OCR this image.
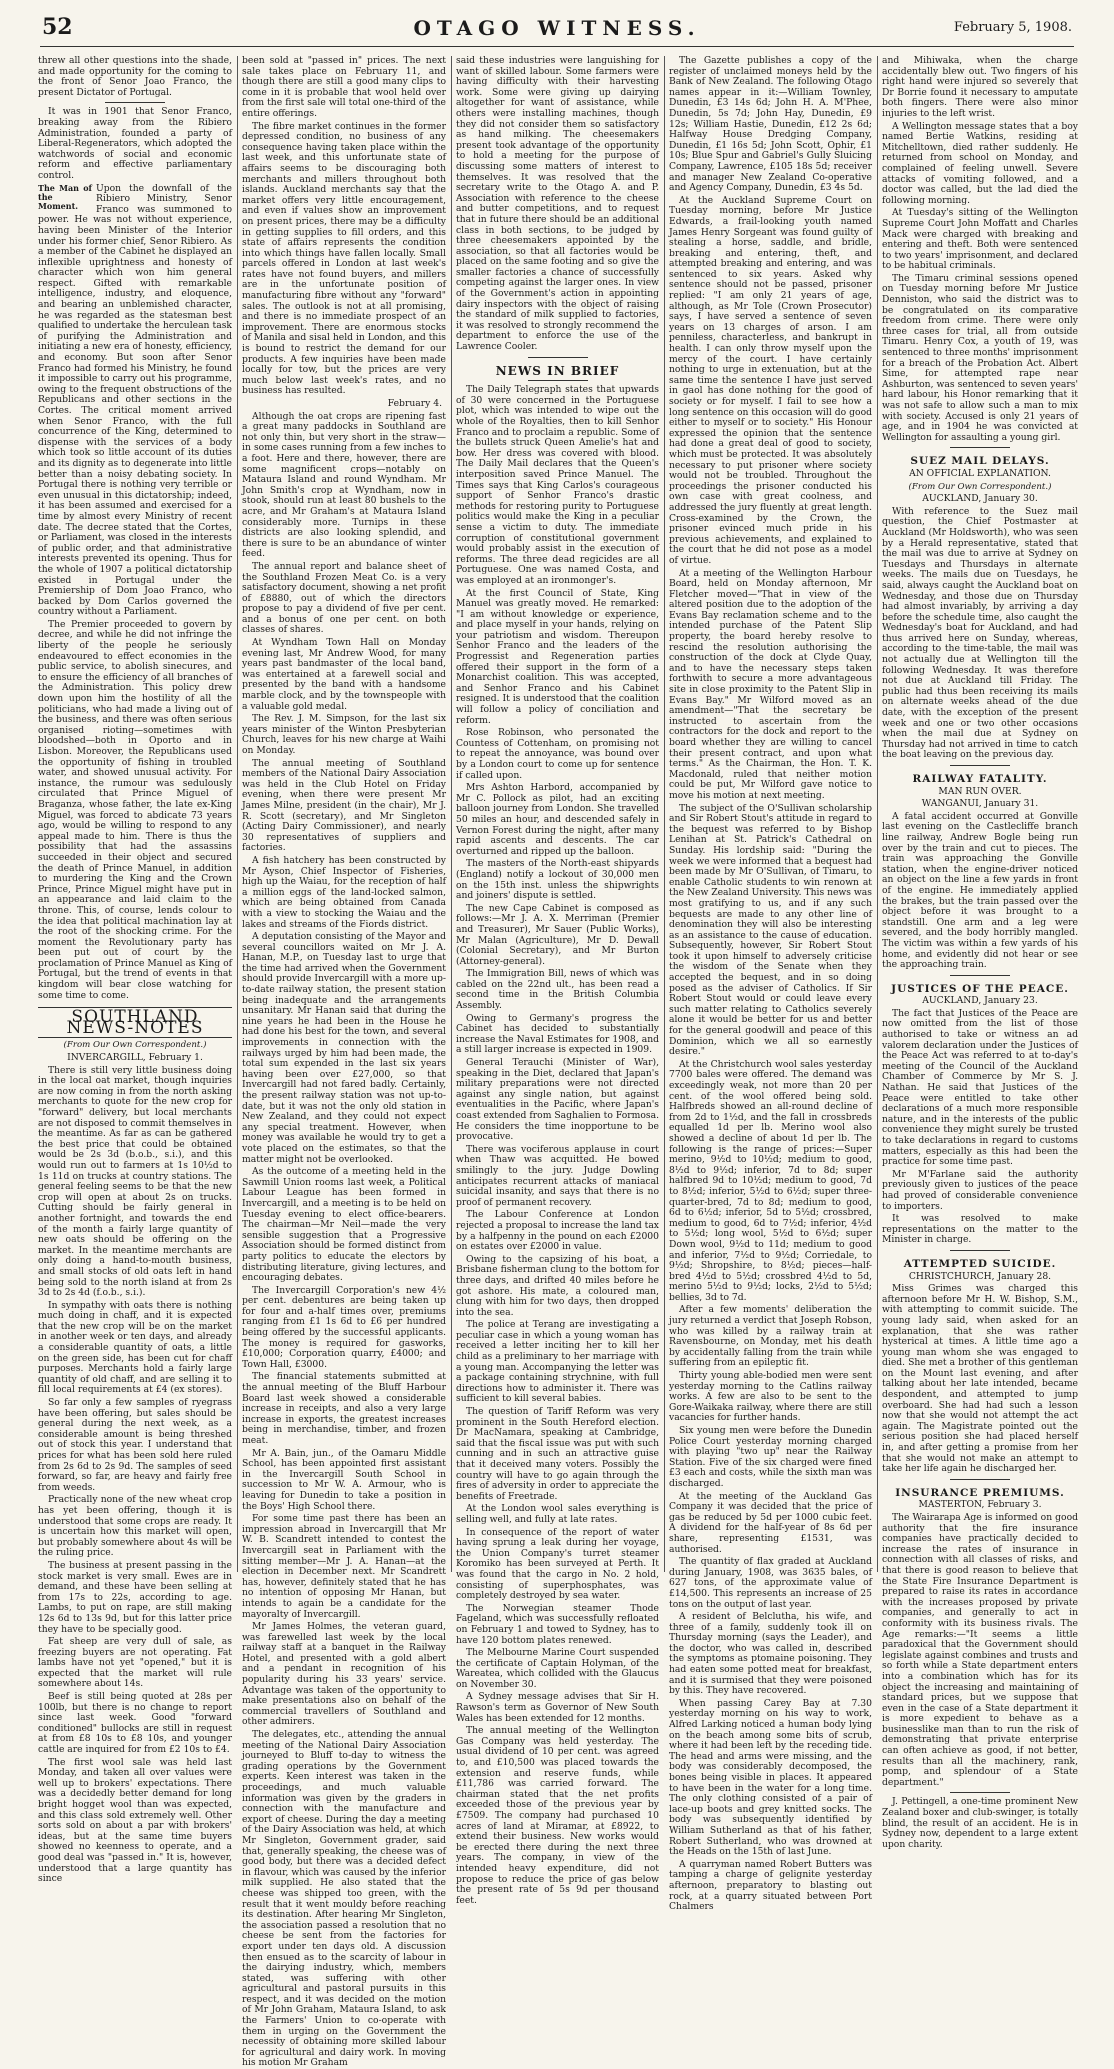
52	OTAGO WITNESS.	February 5, 1908.

threw all other questions into the shade, and made opportunity for the coming to the front of Senor Joao Franco, the present Dictator of Portugal.

It was in 1901 that Senor Franco, breaking away from the Ribiero Administration, founded a party of Liberal-Regenerators, which adopted the watchwords of social and economic reform and effective parliamentary control.

The Man of the Moment.

Upon the downfall of the Ribiero Ministry, Senor Franco was summoned to power. He was not without experience, having been Minister of the Interior under his former chief, Senor Ribiero. As a member of the Cabinet he displayed an inflexible uprightness and honesty of character which won him general respect. Gifted with remarkable intelligence, industry, and eloquence, and bearing an unblemished character, he was regarded as the statesman best qualified to undertake the herculean task of purifying the Administration and initiating a new era of honesty, efficiency, and economy. But soon after Senor Franco had formed his Ministry, he found it impossible to carry out his programme, owing to the frequent obstructions of the Republicans and other sections in the Cortes. The critical moment arrived when Senor Franco, with the full concurrence of the King, determined to dispense with the services of a body which took so little account of its duties and its dignity as to degenerate into little better than a noisy debating society. In Portugal there is nothing very terrible or even unusual in this dictatorship; indeed, it has been assumed and exercised for a time by almost every Ministry of recent date. The decree stated that the Cortes, or Parliament, was closed in the interests of public order, and that administrative interests prevented its opening. Thus for the whole of 1907 a political dictatorship existed in Portugal under the Premiership of Dom Joao Franco, who backed by Dom Carlos governed the country without a Parliament.

The Premier proceeded to govern by decree, and while he did not infringe the liberty of the people he seriously endeavoured to effect economies in the public service, to abolish sinecures, and to ensure the efficiency of all branches of the Administration. This policy drew down upon him the hostility of all the politicians, who had made a living out of the business, and there was often serious organised rioting—sometimes with bloodshed—both in Oporto and in Lisbon. Moreover, the Republicans used the opportunity of fishing in troubled water, and showed unusual activity. For instance, the rumour was sedulously circulated that Prince Miguel of Braganza, whose father, the late ex-King Miguel, was forced to abdicate 73 years ago, would be willing to respond to any appeal made to him. There is thus the possibility that had the assassins succeeded in their object and secured the death of Prince Manuel, in addition to murdering the King and the Crown Prince, Prince Miguel might have put in an appearance and laid claim to the throne. This, of course, lends colour to the idea that political machination lay at the root of the shocking crime. For the moment the Revolutionary party has been put out of court by the proclamation of Prince Manuel as King of Portugal, but the trend of events in that kingdom will bear close watching for some time to come.

SOUTHLAND NEWS-NOTES
(From Our Own Correspondent.)
INVERCARGILL, February 1.

There is still very little business doing in the local oat market, though inquiries are now coming in from the north asking merchants to quote for the new crop for "forward" delivery, but local merchants are not disposed to commit themselves in the meantime. As far as can be gathered the best price that could be obtained would be 2s 3d (b.o.b., s.i.), and this would run out to farmers at 1s 10½d to 1s 11d on trucks at country stations. The general feeling seems to be that the new crop will open at about 2s on trucks. Cutting should be fairly general in another fortnight, and towards the end of the month a fairly large quantity of new oats should be offering on the market. In the meantime merchants are only doing a hand-to-mouth business, and small stocks of old oats left in hand being sold to the north island at from 2s 3d to 2s 4d (f.o.b., s.i.).

In sympathy with oats there is nothing much doing in chaff, and it is expected that the new crop will be on the market in another week or ten days, and already a considerable quantity of oats, a little on the green side, has been cut for chaff purposes. Merchants hold a fairly large quantity of old chaff, and are selling it to fill local requirements at £4 (ex stores).

So far only a few samples of ryegrass have been offering, but sales should be general during the next week, as a considerable amount is being threshed out of stock this year. I understand that prices for what has been sold here ruled from 2s 6d to 2s 9d. The samples of seed forward, so far, are heavy and fairly free from weeds.

Practically none of the new wheat crop has yet been offering, though it is understood that some crops are ready. It is uncertain how this market will open, but probably somewhere about 4s will be the ruling price.

The business at present passing in the stock market is very small. Ewes are in demand, and these have been selling at from 17s to 22s, according to age. Lambs, to put on rape, are still making 12s 6d to 13s 9d, but for this latter price they have to be specially good.

Fat sheep are very dull of sale, as freezing buyers are not operating. Fat lambs have not yet "opened," but it is expected that the market will rule somewhere about 14s.

Beef is still being quoted at 28s per 100lb, but there is no change to report since last week. Good "forward conditioned" bullocks are still in request at from £8 10s to £8 10s, and younger cattle are inquired for from £2 10s to £4.

The first wool sale was held last Monday, and taken all over values were well up to brokers' expectations. There was a decidedly better demand for long bright hogget wool than was expected, and this class sold extremely well. Other sorts sold on about a par with brokers' ideas, but at the same time buyers showed no keenness to operate, and a good deal was "passed in." It is, however, understood that a large quantity has since

been sold at "passed in" prices. The next sale takes place on February 11, and though there are still a good many clips to come in it is probable that wool held over from the first sale will total one-third of the entire offerings.

The fibre market continues in the former depressed condition, no business of any consequence having taken place within the last week, and this unfortunate state of affairs seems to be discouraging both merchants and millers throughout both islands. Auckland merchants say that the market offers very little encouragement, and even if values show an improvement on present prices, there may be a difficulty in getting supplies to fill orders, and this state of affairs represents the condition into which things have fallen locally. Small parcels offered in London at last week's rates have not found buyers, and millers are in the unfortunate position of manufacturing fibre without any "forward" sales. The outlook is not at all promising, and there is no immediate prospect of an improvement. There are enormous stocks of Manila and sisal held in London, and this is bound to restrict the demand for our products. A few inquiries have been made locally for tow, but the prices are very much below last week's rates, and no business has resulted.

February 4.

Although the oat crops are ripening fast a great many paddocks in Southland are not only thin, but very short in the straw—in some cases running from a few inches to a foot. Here and there, however, there are some magnificent crops—notably on Mataura Island and round Wyndham. Mr John Smith's crop at Wyndham, now in stook, should run at least 80 bushels to the acre, and Mr Graham's at Mataura Island considerably more. Turnips in these districts are also looking splendid, and there is sure to be an abundance of winter feed.

The annual report and balance sheet of the Southland Frozen Meat Co. is a very satisfactory document, showing a net profit of £8880, out of which the directors propose to pay a dividend of five per cent. and a bonus of one per cent. on both classes of shares.

At Wyndham Town Hall on Monday evening last, Mr Andrew Wood, for many years past bandmaster of the local band, was entertained at a farewell social and presented by the band with a handsome marble clock, and by the townspeople with a valuable gold medal.

The Rev. J. M. Simpson, for the last six years minister of the Winton Presbyterian Church, leaves for his new charge at Waihi on Monday.

The annual meeting of Southland members of the National Dairy Association was held in the Club Hotel on Friday evening, when there were present Mr James Milne, president (in the chair), Mr J. R. Scott (secretary), and Mr Singleton (Acting Dairy Commissioner), and nearly 30 representatives of suppliers and factories.

A fish hatchery has been constructed by Mr Ayson, Chief Inspector of Fisheries, high up the Waiau, for the reception of half a million eggs of the land-locked salmon, which are being obtained from Canada with a view to stocking the Waiau and the lakes and streams of the Fiords district.

A deputation consisting of the Mayor and several councillors waited on Mr J. A. Hanan, M.P., on Tuesday last to urge that the time had arrived when the Government should provide Invercargill with a more up-to-date railway station, the present station being inadequate and the arrangements unsanitary. Mr Hanan said that during the nine years he had been in the House he had done his best for the town, and several improvements in connection with the railways urged by him had been made, the total sum expended in the last six years having been over £27,000, so that Invercargill had not fared badly. Certainly, the present railway station was not up-to-date, but it was not the only old station in New Zealand, and they could not expect any special treatment. However, when money was available he would try to get a vote placed on the estimates, so that the matter might not be overlooked.

As the outcome of a meeting held in the Sawmill Union rooms last week, a Political Labour League has been formed in Invercargill, and a meeting is to be held on Tuesday evening to elect office-bearers. The chairman—Mr Neil—made the very sensible suggestion that a Progressive Association should be formed distinct from party politics to educate the electors by distributing literature, giving lectures, and encouraging debates.

The Invercargill Corporation's new 4½ per cent. debentures are being taken up for four and a-half times over, premiums ranging from £1 1s 6d to £6 per hundred being offered by the successful applicants. The money is required for gasworks, £10,000; Corporation quarry, £4000; and Town Hall, £3000.

The financial statements submitted at the annual meeting of the Bluff Harbour Board last week showed a considerable increase in receipts, and also a very large increase in exports, the greatest increases being in merchandise, timber, and frozen meat.

Mr A. Bain, jun., of the Oamaru Middle School, has been appointed first assistant in the Invercargill South School in succession to Mr W. A. Armour, who is leaving for Dunedin to take a position in the Boys' High School there.

For some time past there has been an impression abroad in Invercargill that Mr W. B. Scandrett intended to contest the Invercargill seat in Parliament with the sitting member—Mr J. A. Hanan—at the election in December next. Mr Scandrett has, however, definitely stated that he has no intention of opposing Mr Hanan, but intends to again be a candidate for the mayoralty of Invercargill.

Mr James Holmes, the veteran guard, was farewelled last week by the local railway staff at a banquet in the Railway Hotel, and presented with a gold albert and a pendant in recognition of his popularity during his 33 years' service. Advantage was taken of the opportunity to make presentations also on behalf of the commercial travellers of Southland and other admirers.

The delegates, etc., attending the annual meeting of the National Dairy Association journeyed to Bluff to-day to witness the grading operations by the Government experts. Keen interest was taken in the proceedings, and much valuable information was given by the graders in connection with the manufacture and export of cheese. During the day a meeting of the Dairy Association was held, at which Mr Singleton, Government grader, said that, generally speaking, the cheese was of good body, but there was a decided defect in flavour, which was caused by the inferior milk supplied. He also stated that the cheese was shipped too green, with the result that it went mouldy before reaching its destination. After hearing Mr Singleton, the association passed a resolution that no cheese be sent from the factories for export under ten days old. A discussion then ensued as to the scarcity of labour in the dairying industry, which, members stated, was suffering with other agricultural and pastoral pursuits in this respect, and it was decided on the motion of Mr John Graham, Mataura Island, to ask the Farmers' Union to co-operate with them in urging on the Government the necessity of obtaining more skilled labour for agricultural and dairy work. In moving his motion Mr Graham

said these industries were languishing for want of skilled labour. Some farmers were having difficulty with their harvesting work. Some were giving up dairying altogether for want of assistance, while others were installing machines, though they did not consider them so satisfactory as hand milking. The cheesemakers present took advantage of the opportunity to hold a meeting for the purpose of discussing some matters of interest to themselves. It was resolved that the secretary write to the Otago A. and P. Association with reference to the cheese and butter competitions, and to request that in future there should be an additional class in both sections, to be judged by three cheesemakers appointed by the association, so that all factories would be placed on the same footing and so give the smaller factories a chance of successfully competing against the larger ones. In view of the Government's action in appointing dairy inspectors with the object of raising the standard of milk supplied to factories, it was resolved to strongly recommend the department to enforce the use of the Lawrence Cooler.

NEWS IN BRIEF

The Daily Telegraph states that upwards of 30 were concerned in the Portuguese plot, which was intended to wipe out the whole of the Royalties, then to kill Senhor Franco and to proclaim a republic. Some of the bullets struck Queen Amelie's hat and bow. Her dress was covered with blood. The Daily Mail declares that the Queen's interposition saved Prince Manuel. The Times says that King Carlos's courageous support of Senhor Franco's drastic methods for restoring purity to Portuguese politics would make the King in a peculiar sense a victim to duty. The immediate corruption of constitutional government would probably assist in the execution of reforms. The three dead regicides are all Portuguese. One was named Costa, and was employed at an ironmonger's.

At the first Council of State, King Manuel was greatly moved. He remarked: "I am without knowledge or experience, and place myself in your hands, relying on your patriotism and wisdom. Thereupon Senhor Franco and the leaders of the Progressist and Regeneration parties offered their support in the form of a Monarchist coalition. This was accepted, and Senhor Franco and his Cabinet resigned. It is understood that the coalition will follow a policy of conciliation and reform.

Rose Robinson, who personated the Countess of Cottenham, on promising not to repeat the annoyance, was bound over by a London court to come up for sentence if called upon.

Mrs Ashton Harbord, accompanied by Mr C. Pollock as pilot, had an exciting balloon journey from London. She travelled 50 miles an hour, and descended safely in Vernon Forest during the night, after many rapid ascents and descents. The car overturned and ripped up the balloon.

The masters of the North-east shipyards (England) notify a lockout of 30,000 men on the 15th inst. unless the shipwrights and joiners' dispute is settled.

The new Cape Cabinet is composed as follows:—Mr J. A. X. Merriman (Premier and Treasurer), Mr Sauer (Public Works), Mr Malan (Agriculture), Mr D. Dewall (Colonial Secretary), and Mr Burton (Attorney-general).

The Immigration Bill, news of which was cabled on the 22nd ult., has been read a second time in the British Columbia Assembly.

Owing to Germany's progress the Cabinet has decided to substantially increase the Naval Estimates for 1908, and a still larger increase is expected in 1909.

General Terauchi (Minister of War), speaking in the Diet, declared that Japan's military preparations were not directed against any single nation, but against eventualities in the Pacific, where Japan's coast extended from Saghalien to Formosa. He considers the time inopportune to be provocative.

There was vociferous applause in court when Thaw was acquitted. He bowed smilingly to the jury. Judge Dowling anticipates recurrent attacks of maniacal suicidal insanity, and says that there is no proof of permanent recovery.

The Labour Conference at London rejected a proposal to increase the land tax by a halfpenny in the pound on each £2000 on estates over £2000 in value.

Owing to the capsizing of his boat, a Brisbane fisherman clung to the bottom for three days, and drifted 40 miles before he got ashore. His mate, a coloured man, clung with him for two days, then dropped into the sea.

The police at Terang are investigating a peculiar case in which a young woman has received a letter inciting her to kill her child as a preliminary to her marriage with a young man. Accompanying the letter was a package containing strychnine, with full directions how to administer it. There was sufficient to kill several babies.

The question of Tariff Reform was very prominent in the South Hereford election. Dr MacNamara, speaking at Cambridge, said that the fiscal issue was put with such cunning and in such an attractive guise that it deceived many voters. Possibly the country will have to go again through the fires of adversity in order to appreciate the benefits of Freetrade.

At the London wool sales everything is selling well, and fully at late rates.

In consequence of the report of water having sprung a leak during her voyage, the Union Company's turret steamer Koromiko has been surveyed at Perth. It was found that the cargo in No. 2 hold, consisting of superphosphates, was completely destroyed by sea water.

The Norwegian steamer Thode Fageland, which was successfully refloated on February 1 and towed to Sydney, has to have 120 bottom plates renewed.

The Melbourne Marine Court suspended the certificate of Captain Holyman, of the Wareatea, which collided with the Glaucus on November 30.

A Sydney message advises that Sir H. Rawson's term as Governor of New South Wales has been extended for 12 months.

The annual meeting of the Wellington Gas Company was held yesterday. The usual dividend of 10 per cent. was agreed to, and £10,500 was placed towards the extension and reserve funds, while £11,786 was carried forward. The chairman stated that the net profits exceeded those of the previous year by £7509. The company had purchased 10 acres of land at Miramar, at £8922, to extend their business. New works would be erected there during the next three years. The company, in view of the intended heavy expenditure, did not propose to reduce the price of gas below the present rate of 5s 9d per thousand feet.

The Gazette publishes a copy of the register of unclaimed moneys held by the Bank of New Zealand. The following Otago names appear in it:—William Townley, Dunedin, £3 14s 6d; John H. A. M'Phee, Dunedin, 5s 7d; John Hay, Dunedin, £9 12s; William Hastie, Dunedin, £12 2s 6d; Halfway House Dredging Company, Dunedin, £1 16s 5d; John Scott, Ophir, £1 10s; Blue Spur and Gabriel's Gully Sluicing Company, Lawrence, £105 18s 5d; receiver and manager New Zealand Co-operative and Agency Company, Dunedin, £3 4s 5d.

At the Auckland Supreme Court on Tuesday morning, before Mr Justice Edwards, a frail-looking youth named James Henry Sorgeant was found guilty of stealing a horse, saddle, and bridle, breaking and entering, theft, and attempted breaking and entering, and was sentenced to six years. Asked why sentence should not be passed, prisoner replied: "I am only 21 years of age, although, as Mr Tole (Crown Prosecutor) says, I have served a sentence of seven years on 13 charges of arson. I am penniless, characterless, and bankrupt in health. I can only throw myself upon the mercy of the court. I have certainly nothing to urge in extenuation, but at the same time the sentence I have just served in gaol has done nothing for the good of society or for myself. I fail to see how a long sentence on this occasion will do good either to myself or to society." His Honour expressed the opinion that the sentence had done a great deal of good to society, which must be protected. It was absolutely necessary to put prisoner where society would not be troubled. Throughout the proceedings the prisoner conducted his own case with great coolness, and addressed the jury fluently at great length. Cross-examined by the Crown, the prisoner evinced much pride in his previous achievements, and explained to the court that he did not pose as a model of virtue.

At a meeting of the Wellington Harbour Board, held on Monday afternoon, Mr Fletcher moved—"That in view of the altered position due to the adoption of the Evans Bay reclamation scheme and to the intended purchase of the Patent Slip property, the board hereby resolve to rescind the resolution authorising the construction of the dock at Clyde Quay, and to have the necessary steps taken forthwith to secure a more advantageous site in close proximity to the Patent Slip in Evans Bay." Mr Wilford moved as an amendment—"That the secretary be instructed to ascertain from the contractors for the dock and report to the board whether they are willing to cancel their present contract, and upon what terms." As the Chairman, the Hon. T. K. Macdonald, ruled that neither motion could be put, Mr Wilford gave notice to move his motion at next meeting.

The subject of the O'Sullivan scholarship and Sir Robert Stout's attitude in regard to the bequest was referred to by Bishop Lenihan at St. Patrick's Cathedral on Sunday. His lordship said: "During the week we were informed that a bequest had been made by Mr O'Sullivan, of Timaru, to enable Catholic students to win renown at the New Zealand University. This news was most gratifying to us, and if any such bequests are made to any other line of denomination they will also be interesting as an assistance to the cause of education. Subsequently, however, Sir Robert Stout took it upon himself to adversely criticise the wisdom of the Senate when they accepted the bequest, and in so doing posed as the adviser of Catholics. If Sir Robert Stout would or could leave every such matter relating to Catholics severely alone it would be better for us and better for the general goodwill and peace of this Dominion, which we all so earnestly desire."

At the Christchurch wool sales yesterday 7700 bales were offered. The demand was exceedingly weak, not more than 20 per cent. of the wool offered being sold. Halfbreds showed an all-round decline of from 2d to 1½d, and the fall in crossbreds equalled 1d per lb. Merino wool also showed a decline of about 1d per lb. The following is the range of prices:—Super merino, 9½d to 10½d; medium to good, 8½d to 9½d; inferior, 7d to 8d; super halfbred 9d to 10½d; medium to good, 7d to 8½d; inferior, 5½d to 6½d; super three-quarter-bred, 7d to 8d; medium to good, 6d to 6½d; inferior, 5d to 5½d; crossbred, medium to good, 6d to 7½d; inferior, 4½d to 5½d; long wool, 5½d to 6½d; super Down wool, 9½d to 11d; medium to good and inferior, 7½d to 9½d; Corriedale, to 9½d; Shropshire, to 8½d; pieces—half-bred 4½d to 5½d; crossbred 4½d to 5d, merino 5½d to 9½d; locks, 2½d to 5½d; bellies, 3d to 7d.

After a few moments' deliberation the jury returned a verdict that Joseph Robson, who was killed by a railway train at Ravensbourne, on Monday, met his death by accidentally falling from the train while suffering from an epileptic fit.

Thirty young able-bodied men were sent yesterday morning to the Catlins railway works. A few are also to be sent to the Gore-Waikaka railway, where there are still vacancies for further hands.

Six young men were before the Dunedin Police Court yesterday morning charged with playing "two up" near the Railway Station. Five of the six charged were fined £3 each and costs, while the sixth man was discharged.

At the meeting of the Auckland Gas Company it was decided that the price of gas be reduced by 5d per 1000 cubic feet. A dividend for the half-year of 8s 6d per share, representing £1531, was authorised.

The quantity of flax graded at Auckland during January, 1908, was 3635 bales, of 627 tons, of the approximate value of £14,500. This represents an increase of 25 tons on the output of last year.

A resident of Belclutha, his wife, and three of a family, suddenly took ill on Thursday morning (says the Leader), and the doctor, who was called in, described the symptoms as ptomaine poisoning. They had eaten some potted meat for breakfast, and it is surmised that they were poisoned by this. They have recovered.

When passing Carey Bay at 7.30 yesterday morning on his way to work, Alfred Larking noticed a human body lying on the beach among some bits of scrub, where it had been left by the receding tide. The head and arms were missing, and the body was considerably decomposed, the bones being visible in places. It appeared to have been in the water for a long time. The only clothing consisted of a pair of lace-up boots and grey knitted socks. The body was subsequently identified by William Sutherland as that of his father, Robert Sutherland, who was drowned at the Heads on the 15th of last June.

A quarryman named Robert Butters was tamping a charge of gelignite yesterday afternoon, preparatory to blasting out rock, at a quarry situated between Port Chalmers

and Mihiwaka, when the charge accidentally blew out. Two fingers of his right hand were injured so severely that Dr Borrie found it necessary to amputate both fingers. There were also minor injuries to the left wrist.

A Wellington message states that a boy named Bertie Watkins, residing at Mitchelltown, died rather suddenly. He returned from school on Monday, and complained of feeling unwell. Severe attacks of vomiting followed, and a doctor was called, but the lad died the following morning.

At Tuesday's sitting of the Wellington Supreme Court John Moffatt and Charles Mack were charged with breaking and entering and theft. Both were sentenced to two years' imprisonment, and declared to be habitual criminals.

The Timaru criminal sessions opened on Tuesday morning before Mr Justice Denniston, who said the district was to be congratulated on its comparative freedom from crime. There were only three cases for trial, all from outside Timaru. Henry Cox, a youth of 19, was sentenced to three months' imprisonment for a breach of the Probation Act. Albert Sime, for attempted rape near Ashburton, was sentenced to seven years' hard labour, his Honor remarking that it was not safe to allow such a man to mix with society. Accused is only 21 years of age, and in 1904 he was convicted at Wellington for assaulting a young girl.

SUEZ MAIL DELAYS.
AN OFFICIAL EXPLANATION.
(From Our Own Correspondent.)
AUCKLAND, January 30.

With reference to the Suez mail question, the Chief Postmaster at Auckland (Mr Holdsworth), who was seen by a Herald representative, stated that the mail was due to arrive at Sydney on Tuesdays and Thursdays in alternate weeks. The mails due on Tuesdays, he said, always caught the Auckland boat on Wednesday, and those due on Thursday had almost invariably, by arriving a day before the schedule time, also caught the Wednesday's boat for Auckland, and had thus arrived here on Sunday, whereas, according to the time-table, the mail was not actually due at Wellington till the following Wednesday. It was therefore not due at Auckland till Friday. The public had thus been receiving its mails on alternate weeks ahead of the due date, with the exception of the present week and one or two other occasions when the mail due at Sydney on Thursday had not arrived in time to catch the boat leaving on the previous day.

RAILWAY FATALITY.
MAN RUN OVER.
WANGANUI, January 31.

A fatal accident occurred at Gonville last evening on the Castlecliffe branch line railway, Andrew Bogle being run over by the train and cut to pieces. The train was approaching the Gonville station, when the engine-driver noticed an object on the line a few yards in front of the engine. He immediately applied the brakes, but the train passed over the object before it was brought to a standstill. One arm and a leg were severed, and the body horribly mangled. The victim was within a few yards of his home, and evidently did not hear or see the approaching train.

JUSTICES OF THE PEACE.
AUCKLAND, January 23.

The fact that Justices of the Peace are now omitted from the list of those authorised to take or witness an ad valorem declaration under the Justices of the Peace Act was referred to at to-day's meeting of the Council of the Auckland Chamber of Commerce by Mr S. J. Nathan. He said that Justices of the Peace were entitled to take other declarations of a much more responsible nature, and in the interests of the public convenience they might surely be trusted to take declarations in regard to customs matters, especially as this had been the practice for some time past.

Mr M'Farlane said the authority previously given to justices of the peace had proved of considerable convenience to importers.

It was resolved to make representations on the matter to the Minister in charge.

ATTEMPTED SUICIDE.
CHRISTCHURCH, January 28.

Miss Grimes was charged this afternoon before Mr H. W. Bishop, S.M., with attempting to commit suicide. The young lady said, when asked for an explanation, that she was rather hysterical at times. A little time ago a young man whom she was engaged to died. She met a brother of this gentleman on the Mount last evening, and after talking about her late intended, became despondent, and attempted to jump overboard. She had had such a lesson now that she would not attempt the act again. The Magistrate pointed out the serious position she had placed herself in, and after getting a promise from her that she would not make an attempt to take her life again he discharged her.

INSURANCE PREMIUMS.
MASTERTON, February 3.

The Wairarapa Age is informed on good authority that the fire insurance companies have practically decided to increase the rates of insurance in connection with all classes of risks, and that there is good reason to believe that the State Fire Insurance Department is prepared to raise its rates in accordance with the increases proposed by private companies, and generally to act in conformity with its business rivals. The Age remarks:—"It seems a little paradoxical that the Government should legislate against combines and trusts and so forth while a State department enters into a combination which has for its object the increasing and maintaining of standard prices, but we suppose that even in the case of a State department it is more expedient to behave as a businesslike man than to run the risk of demonstrating that private enterprise can often achieve as good, if not better, results than all the machinery, rank, pomp, and splendour of a State department."

J. Pettingell, a one-time prominent New Zealand boxer and club-swinger, is totally blind, the result of an accident. He is in Sydney now, dependent to a large extent upon charity.
